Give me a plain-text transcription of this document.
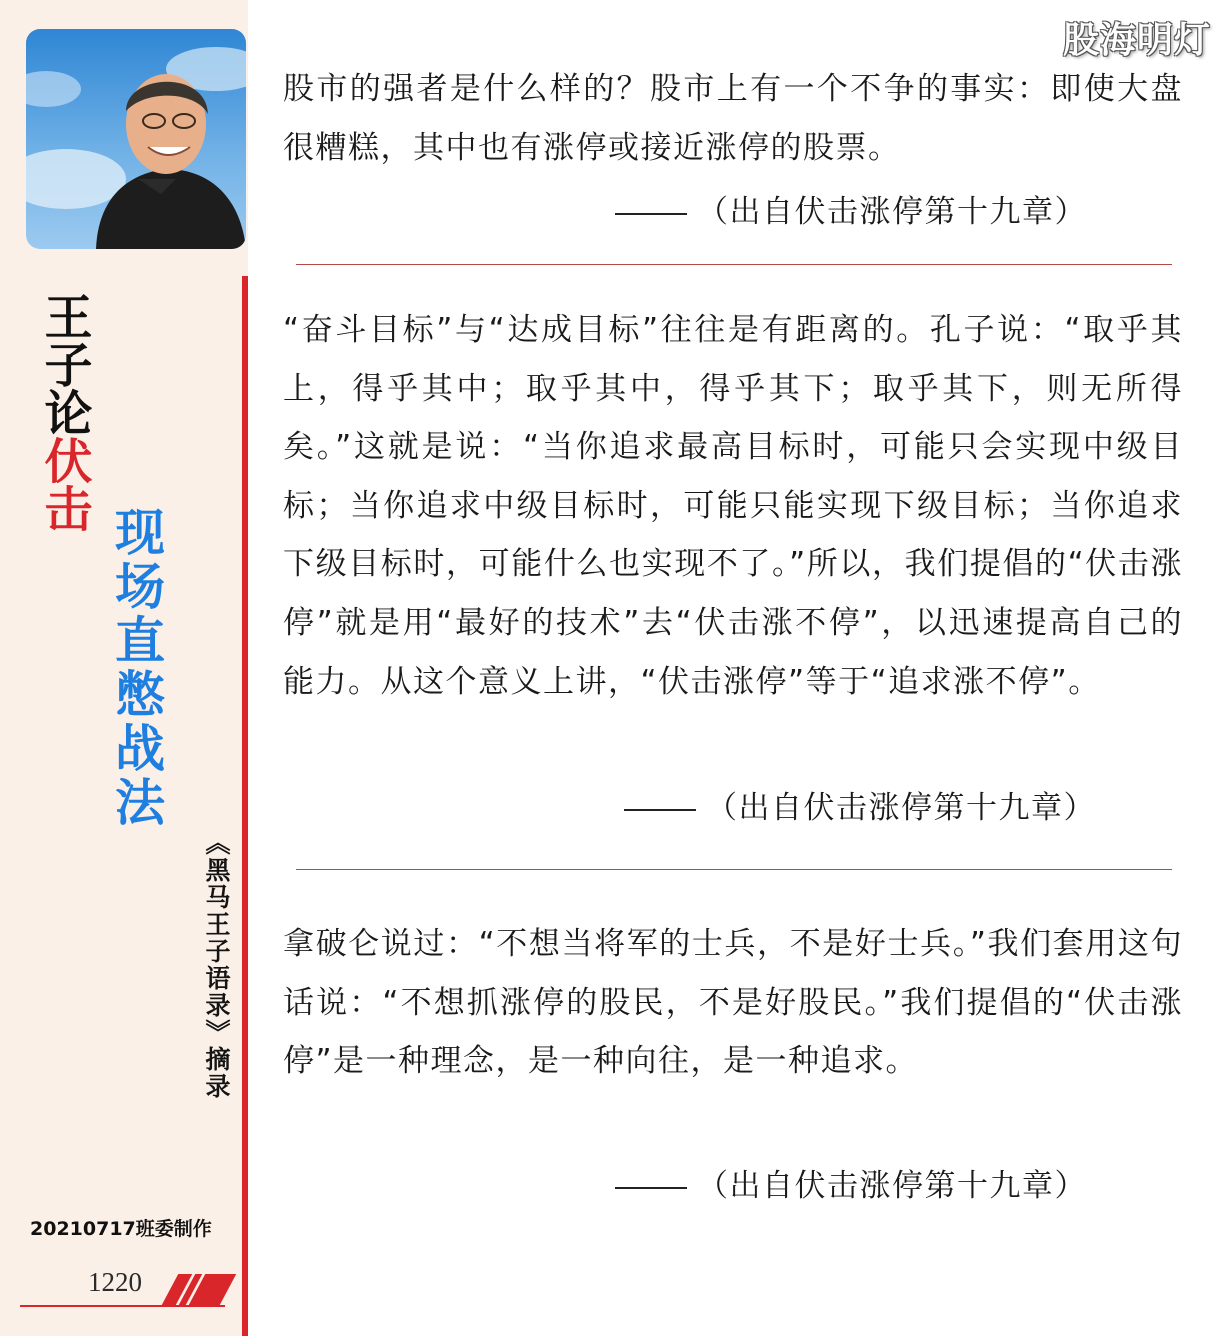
王子论伏击
现场直憋战法
《黑马王子语录》摘录
20210717班委制作
1220
股海明灯

股市的强者是什么样的？股市上有一个不争的事实：即使大盘很糟糕，其中也有涨停或接近涨停的股票。

（出自伏击涨停第十九章）

“奋斗目标”与“达成目标”往往是有距离的。孔子说：“取乎其上，得乎其中；取乎其中，得乎其下；取乎其下，则无所得矣。”这就是说：“当你追求最高目标时，可能只会实现中级目标；当你追求中级目标时，可能只能实现下级目标；当你追求下级目标时，可能什么也实现不了。”所以，我们提倡的“伏击涨停”就是用“最好的技术”去“伏击涨不停”，以迅速提高自己的能力。从这个意义上讲，“伏击涨停”等于“追求涨不停”。

（出自伏击涨停第十九章）

拿破仑说过：“不想当将军的士兵，不是好士兵。”我们套用这句话说：“不想抓涨停的股民，不是好股民。”我们提倡的“伏击涨停”是一种理念，是一种向往，是一种追求。

（出自伏击涨停第十九章）
